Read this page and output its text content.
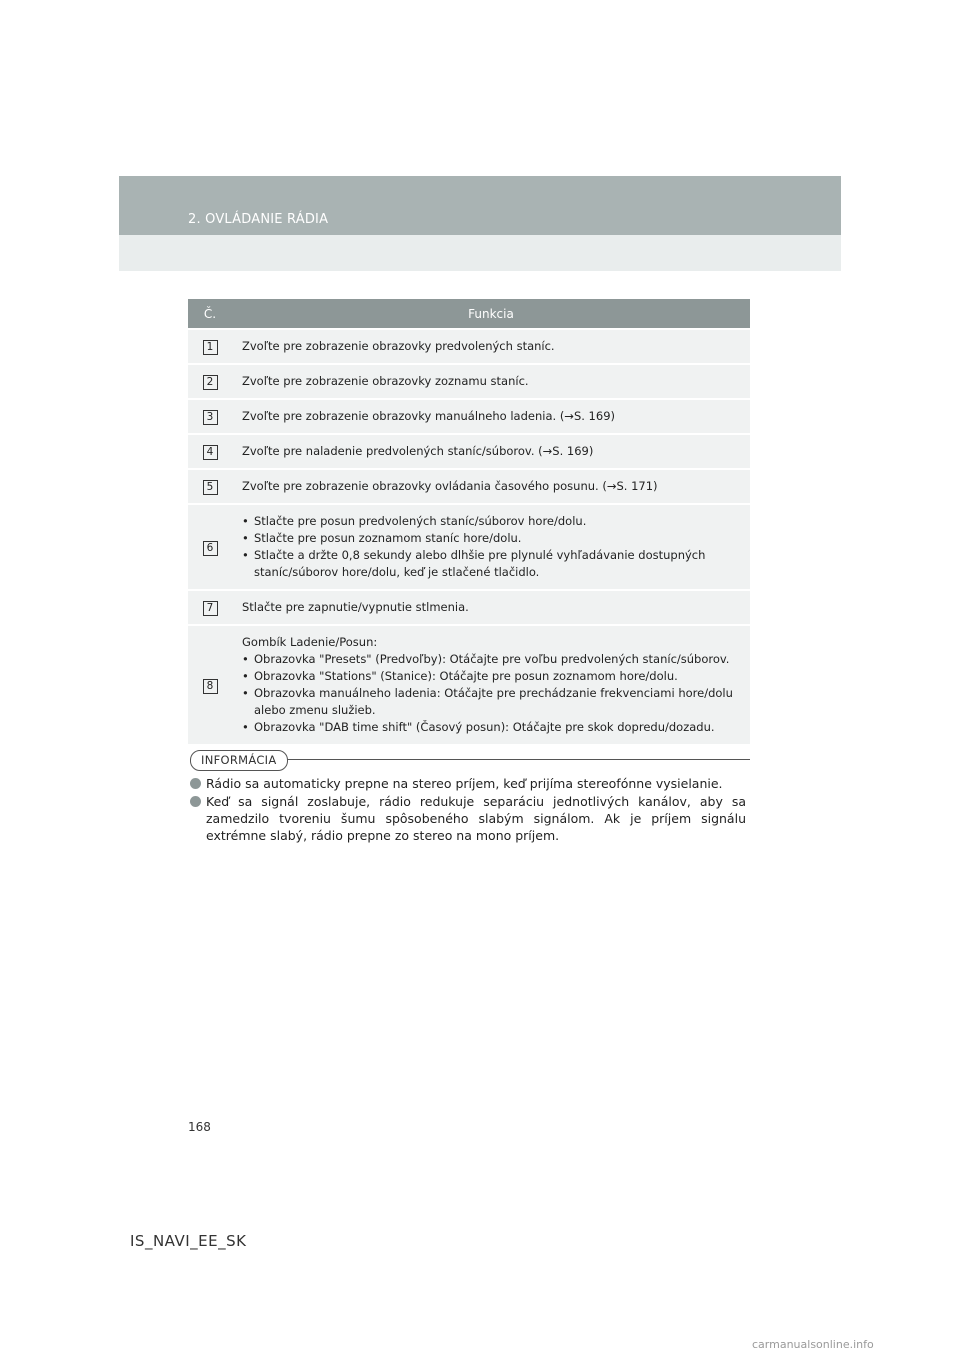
2. OVLÁDANIE RÁDIA
Č.	Funkcia
1	Zvoľte pre zobrazenie obrazovky predvolených staníc.
2	Zvoľte pre zobrazenie obrazovky zoznamu staníc.
3	Zvoľte pre zobrazenie obrazovky manuálneho ladenia. (→S. 169)
4	Zvoľte pre naladenie predvolených staníc/súborov. (→S. 169)
5	Zvoľte pre zobrazenie obrazovky ovládania časového posunu. (→S. 171)
6	• Stlačte pre posun predvolených staníc/súborov hore/dolu.
• Stlačte pre posun zoznamom staníc hore/dolu.
• Stlačte a držte 0,8 sekundy alebo dlhšie pre plynulé vyhľadávanie dostupných staníc/súborov hore/dolu, keď je stlačené tlačidlo.

7	Stlačte pre zapnutie/vypnutie stlmenia.
8	Gombík Ladenie/Posun:
• Obrazovka "Presets" (Predvoľby): Otáčajte pre voľbu predvolených staníc/súborov.
• Obrazovka "Stations" (Stanice): Otáčajte pre posun zoznamom hore/dolu.
• Obrazovka manuálneho ladenia: Otáčajte pre prechádzanie frekvenciami hore/dolu alebo zmenu služieb.
• Obrazovka "DAB time shift" (Časový posun): Otáčajte pre skok dopredu/dozadu.
INFORMÁCIA
Rádio sa automaticky prepne na stereo príjem, keď prijíma stereofónne vysielanie.
Keď sa signál zoslabuje, rádio redukuje separáciu jednotlivých kanálov, aby sa zamedzilo tvoreniu šumu spôsobeného slabým signálom. Ak je príjem signálu extrémne slabý, rádio prepne zo stereo na mono príjem.
168
IS_NAVI_EE_SK
carmanualsonline.info
